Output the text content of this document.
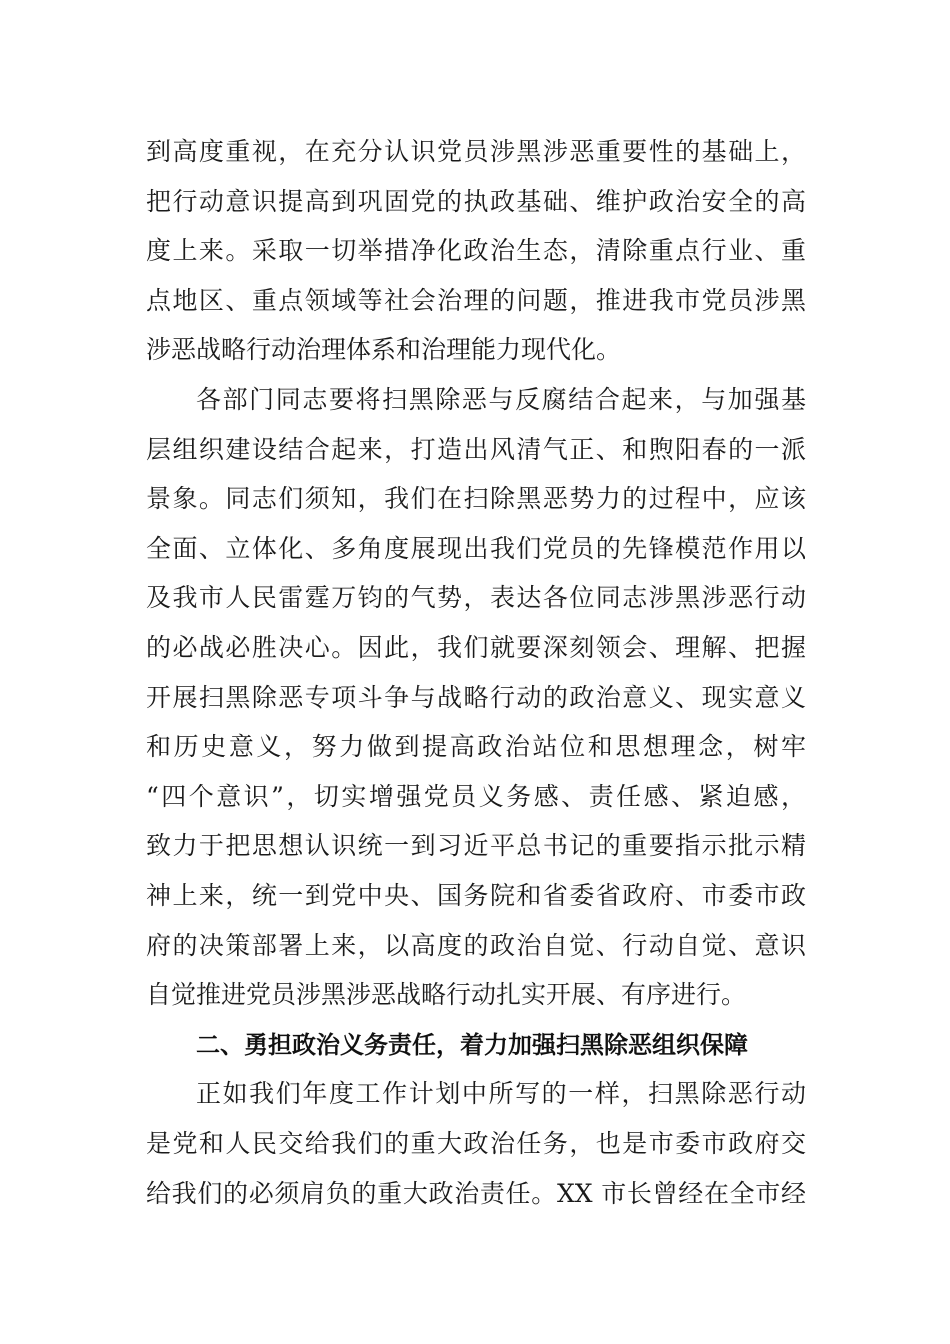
到高度重视，在充分认识党员涉黑涉恶重要性的基础上，
把行动意识提高到巩固党的执政基础、维护政治安全的高
度上来。采取一切举措净化政治生态，清除重点行业、重
点地区、重点领域等社会治理的问题，推进我市党员涉黑
涉恶战略行动治理体系和治理能力现代化。
各部门同志要将扫黑除恶与反腐结合起来，与加强基
层组织建设结合起来，打造出风清气正、和煦阳春的一派
景象。同志们须知，我们在扫除黑恶势力的过程中，应该
全面、立体化、多角度展现出我们党员的先锋模范作用以
及我市人民雷霆万钧的气势，表达各位同志涉黑涉恶行动
的必战必胜决心。因此，我们就要深刻领会、理解、把握
开展扫黑除恶专项斗争与战略行动的政治意义、现实意义
和历史意义，努力做到提高政治站位和思想理念，树牢
“四个意识”，切实增强党员义务感、责任感、紧迫感，
致力于把思想认识统一到习近平总书记的重要指示批示精
神上来，统一到党中央、国务院和省委省政府、市委市政
府的决策部署上来，以高度的政治自觉、行动自觉、意识
自觉推进党员涉黑涉恶战略行动扎实开展、有序进行。
二、勇担政治义务责任，着力加强扫黑除恶组织保障
正如我们年度工作计划中所写的一样，扫黑除恶行动
是党和人民交给我们的重大政治任务，也是市委市政府交
给我们的必须肩负的重大政治责任。XX 市长曾经在全市经
